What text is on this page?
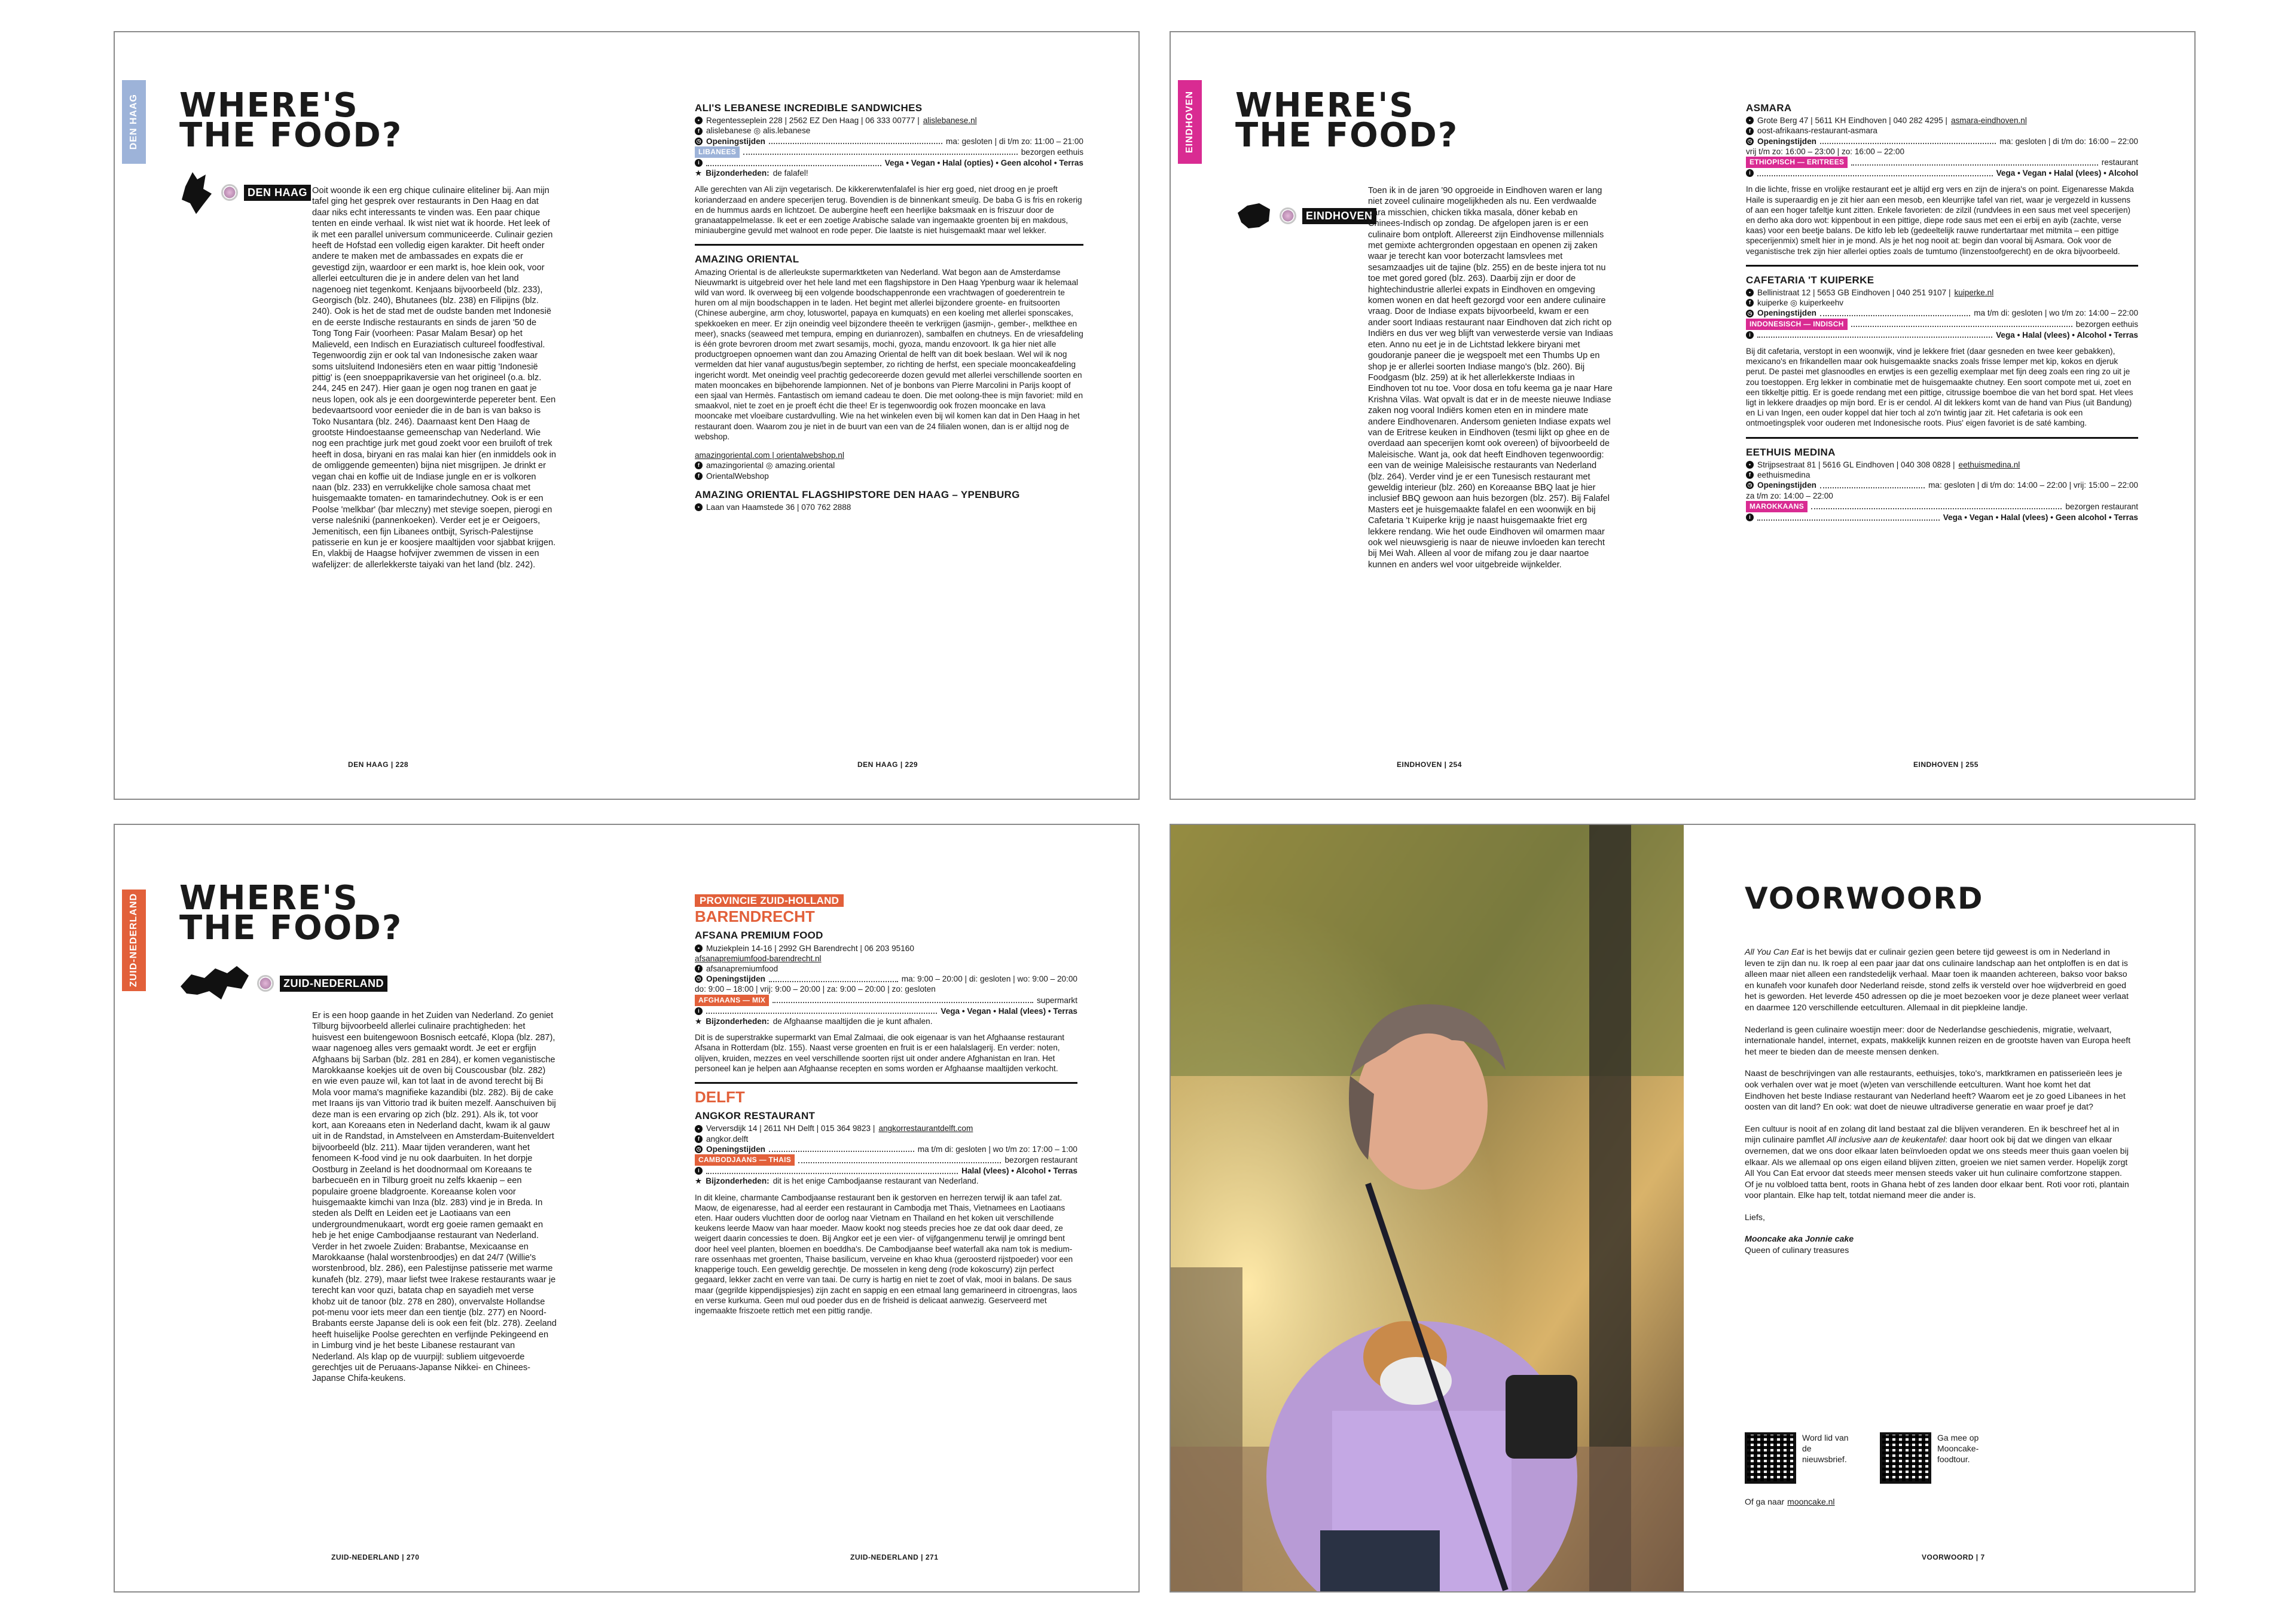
DEN HAAG WHERE'S
THE FOOD?
DEN HAAG Ooit woonde ik een erg chique culinaire eliteliner bij. Aan mijn tafel ging het gesprek over restaurants in Den Haag en dat daar niks echt interessants te vinden was. Een paar chique tenten en einde verhaal. Ik wist niet wat ik hoorde. Het leek of ik met een parallel universum communiceerde. Culinair gezien heeft de Hofstad een volledig eigen karakter. Dit heeft onder andere te maken met de ambassades en expats die er gevestigd zijn, waardoor er een markt is, hoe klein ook, voor allerlei eetculturen die je in andere delen van het land nagenoeg niet tegenkomt. Kenjaans bijvoorbeeld (blz. 233), Georgisch (blz. 240), Bhutanees (blz. 238) en Filipijns (blz. 240). Ook is het de stad met de oudste banden met Indonesië en de eerste Indische restaurants en sinds de jaren '50 de Tong Tong Fair (voorheen: Pasar Malam Besar) op het Malieveld, een Indisch en Euraziatisch cultureel foodfestival. Tegenwoordig zijn er ook tal van Indonesische zaken waar soms uitsluitend Indonesiërs eten en waar pittig 'Indonesië pittig' is (een snoeppaprikaversie van het origineel (o.a. blz. 244, 245 en 247). Hier gaan je ogen nog tranen en gaat je neus lopen, ook als je een doorgewinterde pepereter bent. Een bedevaartsoord voor eenieder die in de ban is van bakso is Toko Nusantara (blz. 246). Daarnaast kent Den Haag de grootste Hindoestaanse gemeenschap van Nederland. Wie nog een prachtige jurk met goud zoekt voor een bruiloft of trek heeft in dosa, biryani en ras malai kan hier (en inmiddels ook in de omliggende gemeenten) bijna niet misgrijpen. Je drinkt er vegan chai en koffie uit de Indiase jungle en er is volkoren naan (blz. 233) en verrukkelijke chole samosa chaat met huisgemaakte tomaten- en tamarindechutney. Ook is er een Poolse 'melkbar' (bar mleczny) met stevige soepen, pierogi en verse naleśniki (pannenkoeken). Verder eet je er Oeigoers, Jemenitisch, een fijn Libanees ontbijt, Syrisch-Palestijnse patisserie en kun je er koosjere maaltijden voor sjabbat krijgen. En, vlakbij de Haagse hofvijver zwemmen de vissen in een wafelijzer: de allerlekkerste taiyaki van het land (blz. 242).
DEN HAAG | 228
ALI'S LEBANESE INCREDIBLE SANDWICHES
• Regentesseplein 228 | 2562 EZ Den Haag | 06 333 00777 | alislebanese.nl
f alislebanese ◎ alis.lebanese
◷ Openingstijden	ma: gesloten | di t/m zo: 11:00 – 21:00
LIBANEES	bezorgen eethuis
i	Vega • Vegan • Halal (opties) • Geen alcohol • Terras
★ Bijzonderheden: de falafel!
Alle gerechten van Ali zijn vegetarisch. De kikkererwtenfalafel is hier erg goed, niet droog en je proeft korianderzaad en andere specerijen terug. Bovendien is de binnenkant smeuïg. De baba G is fris en rokerig en de hummus aards en lichtzoet. De aubergine heeft een heerlijke baksmaak en is friszuur door de granaatappelmelasse. Ik eet er een zoetige Arabische salade van ingemaakte groenten bij en makdous, miniaubergine gevuld met walnoot en rode peper. Die laatste is niet huisgemaakt maar wel lekker.
AMAZING ORIENTAL
Amazing Oriental is de allerleukste supermarktketen van Nederland. Wat begon aan de Amsterdamse Nieuwmarkt is uitgebreid over het hele land met een flagshipstore in Den Haag Ypenburg waar ik helemaal wild van word. Ik overweeg bij een volgende boodschappenronde een vrachtwagen of goederentrein te huren om al mijn boodschappen in te laden. Het begint met allerlei bijzondere groente- en fruitsoorten (Chinese aubergine, arm choy, lotuswortel, papaya en kumquats) en een koeling met allerlei sponscakes, spekkoeken en meer. Er zijn oneindig veel bijzondere theeën te verkrijgen (jasmijn-, gember-, melkthee en meer), snacks (seaweed met tempura, emping en durianrozen), sambalfen en chutneys. En de vriesafdeling is één grote bevroren droom met zwart sesamijs, mochi, gyoza, mandu enzovoort. Ik ga hier niet alle productgroepen opnoemen want dan zou Amazing Oriental de helft van dit boek beslaan. Wel wil ik nog vermelden dat hier vanaf augustus/begin september, zo richting de herfst, een speciale mooncakeafdeling ingericht wordt. Met oneindig veel prachtig gedecoreerde dozen gevuld met allerlei verschillende soorten en maten mooncakes en bijbehorende lampionnen. Net of je bonbons van Pierre Marcolini in Parijs koopt of een sjaal van Hermès. Fantastisch om iemand cadeau te doen. Die met oolong-thee is mijn favoriet: mild en smaakvol, niet te zoet en je proeft écht die thee! Er is tegenwoordig ook frozen mooncake en lava mooncake met vloeibare custardvulling. Wie na het winkelen even bij wil komen kan dat in Den Haag in het restaurant doen. Waarom zou je niet in de buurt van een van de 24 filialen wonen, dan is er altijd nog de webshop.
amazingoriental.com | orientalwebshop.nl
f amazingoriental ◎ amazing.oriental
f OrientalWebshop
AMAZING ORIENTAL FLAGSHIPSTORE DEN HAAG – YPENBURG
• Laan van Haamstede 36 | 070 762 2888
DEN HAAG | 229
EINDHOVEN WHERE'S
THE FOOD?
EINDHOVEN
Toen ik in de jaren '90 opgroeide in Eindhoven waren er lang niet zoveel culinaire mogelijkheden als nu. Een verdwaalde bara misschien, chicken tikka masala, döner kebab en Chinees-Indisch op zondag. De afgelopen jaren is er een culinaire bom ontploft. Allereerst zijn Eindhovense millennials met gemixte achtergronden opgestaan en openen zij zaken waar je terecht kan voor boterzacht lamsvlees met sesamzaadjes uit de tajine (blz. 255) en de beste injera tot nu toe met gored gored (blz. 263). Daarbij zijn er door de hightechindustrie allerlei expats in Eindhoven en omgeving komen wonen en dat heeft gezorgd voor een andere culinaire vraag. Door de Indiase expats bijvoorbeeld, kwam er een ander soort Indiaas restaurant naar Eindhoven dat zich richt op Indiërs en dus ver weg blijft van verwesterde versie van Indiaas eten. Anno nu eet je in de Lichtstad lekkere biryani met goudoranje paneer die je wegspoelt met een Thumbs Up en shop je er allerlei soorten Indiase mango's (blz. 260). Bij Foodgasm (blz. 259) at ik het allerlekkerste Indiaas in Eindhoven tot nu toe. Voor dosa en tofu keema ga je naar Hare Krishna Vilas. Wat opvalt is dat er in de meeste nieuwe Indiase zaken nog vooral Indiërs komen eten en in mindere mate andere Eindhovenaren. Andersom genieten Indiase expats wel van de Eritrese keuken in Eindhoven (tesmi lijkt op ghee en de overdaad aan specerijen komt ook overeen) of bijvoorbeeld de Maleisische. Want ja, ook dat heeft Eindhoven tegenwoordig: een van de weinige Maleisische restaurants van Nederland (blz. 264). Verder vind je er een Tunesisch restaurant met geweldig interieur (blz. 260) en Koreaanse BBQ laat je hier inclusief BBQ gewoon aan huis bezorgen (blz. 257). Bij Falafel Masters eet je huisgemaakte falafel en een woonwijk en bij Cafetaria 't Kuiperke krijg je naast huisgemaakte friet erg lekkere rendang. Wie het oude Eindhoven wil omarmen maar ook wel nieuwsgierig is naar de nieuwe invloeden kan terecht bij Mei Wah. Alleen al voor de mifang zou je daar naartoe kunnen en anders wel voor uitgebreide wijnkelder.
EINDHOVEN | 254
ASMARA
• Grote Berg 47 | 5611 KH Eindhoven | 040 282 4295 | asmara-eindhoven.nl
f oost-afrikaans-restaurant-asmara
◷ Openingstijden	ma: gesloten | di t/m do: 16:00 – 22:00
vrij t/m zo: 16:00 – 23:00 | zo: 16:00 – 22:00
ETHIOPISCH — ERITREES	restaurant
i	Vega • Vegan • Halal (vlees) • Alcohol
In die lichte, frisse en vrolijke restaurant eet je altijd erg vers en zijn de injera's on point. Eigenaresse Makda Haile is superaardig en je zit hier aan een mesob, een kleurrijke tafel van riet, waar je vergezeld in kussens of aan een hoger tafeltje kunt zitten. Enkele favorieten: de zilzil (rundvlees in een saus met veel specerijen) en derho aka doro wot: kippenbout in een pittige, diepe rode saus met een ei erbij en ayib (zachte, verse kaas) voor een beetje balans. De kitfo leb leb (gedeeltelijk rauwe rundertartaar met mitmita – een pittige specerijenmix) smelt hier in je mond. Als je het nog nooit at: begin dan vooral bij Asmara. Ook voor de veganistische trek zijn hier allerlei opties zoals de tumtumo (linzenstoofgerecht) en de okra bijvoorbeeld.
CAFETARIA 'T KUIPERKE
• Bellinistraat 12 | 5653 GB Eindhoven | 040 251 9107 | kuiperke.nl
f kuiperke ◎ kuiperkeehv
◷ Openingstijden	ma t/m di: gesloten | wo t/m zo: 14:00 – 22:00
INDONESISCH — INDISCH	bezorgen eethuis
i	Vega • Halal (vlees) • Alcohol • Terras
Bij dit cafetaria, verstopt in een woonwijk, vind je lekkere friet (daar gesneden en twee keer gebakken), mexicano's en frikandellen maar ook huisgemaakte snacks zoals frisse lemper met kip, kokos en djeruk perut. De pastei met glasnoodles en erwtjes is een gezellig exemplaar met fijn deeg zoals een ring zo uit je zou toestoppen. Erg lekker in combinatie met de huisgemaakte chutney. Een soort compote met ui, zoet en een tikkeltje pittig. Er is goede rendang met een pittige, citrussige boemboe die van het bord spat. Het vlees ligt in lekkere draadjes op mijn bord. Er is er cendol. Al dit lekkers komt van de hand van Pius (uit Bandung) en Li van Ingen, een ouder koppel dat hier toch al zo'n twintig jaar zit. Het cafetaria is ook een ontmoetingsplek voor ouderen met Indonesische roots. Pius' eigen favoriet is de saté kambing.
EETHUIS MEDINA
• Strijpsestraat 81 | 5616 GL Eindhoven | 040 308 0828 | eethuismedina.nl
f eethuismedina
◷ Openingstijden	ma: gesloten | di t/m do: 14:00 – 22:00 | vrij: 15:00 – 22:00
za t/m zo: 14:00 – 22:00
MAROKKAANS	bezorgen restaurant
i	Vega • Vegan • Halal (vlees) • Geen alcohol • Terras
EINDHOVEN | 255
ZUID-NEDERLAND WHERE'S
THE FOOD?
ZUID-NEDERLAND
Er is een hoop gaande in het Zuiden van Nederland. Zo geniet Tilburg bijvoorbeeld allerlei culinaire prachtigheden: het huisvest een buitengewoon Bosnisch eetcafé, Klopa (blz. 287), waar nagenoeg alles vers gemaakt wordt. Je eet er ergfijn Afghaans bij Sarban (blz. 281 en 284), er komen veganistische Marokkaanse koekjes uit de oven bij Couscousbar (blz. 282) en wie even pauze wil, kan tot laat in de avond terecht bij Bi Mola voor mama's magnifieke kazandibi (blz. 282). Bij de cake met Iraans ijs van Vittorio trad ik buiten mezelf. Aanschuiven bij deze man is een ervaring op zich (blz. 291). Als ik, tot voor kort, aan Koreaans eten in Nederland dacht, kwam ik al gauw uit in de Randstad, in Amstelveen en Amsterdam-Buitenveldert bijvoorbeeld (blz. 211). Maar tijden veranderen, want het fenomeen K-food vind je nu ook daarbuiten. In het dorpje Oostburg in Zeeland is het doodnormaal om Koreaans te barbecueën en in Tilburg groeit nu zelfs kkaenip – een populaire groene bladgroente. Koreaanse kolen voor huisgemaakte kimchi van Inza (blz. 283) vind je in Breda. In steden als Delft en Leiden eet je Laotiaans van een undergroundmenukaart, wordt erg goeie ramen gemaakt en heb je het enige Cambodjaanse restaurant van Nederland. Verder in het zwoele Zuiden: Brabantse, Mexicaanse en Marokkaanse (halal worstenbroodjes) en dat 24/7 (Willie's worstenbrood, blz. 286), een Palestijnse patisserie met warme kunafeh (blz. 279), maar liefst twee Irakese restaurants waar je terecht kan voor quzi, batata chap en sayadieh met verse khobz uit de tanoor (blz. 278 en 280), onvervalste Hollandse pot-menu voor iets meer dan een tientje (blz. 277) en Noord-Brabants eerste Japanse deli is ook een feit (blz. 278). Zeeland heeft huiselijke Poolse gerechten en verfijnde Pekingeend en in Limburg vind je het beste Libanese restaurant van Nederland. Als klap op de vuurpijl: subliem uitgevoerde gerechtjes uit de Peruaans-Japanse Nikkei- en Chinees-Japanse Chifa-keukens.
ZUID-NEDERLAND | 270
PROVINCIE ZUID-HOLLAND
BARENDRECHT
AFSANA PREMIUM FOOD
• Muziekplein 14-16 | 2992 GH Barendrecht | 06 203 95160
afsanapremiumfood-barendrecht.nl
f afsanapremiumfood
◷ Openingstijden	ma: 9:00 – 20:00 | di: gesloten | wo: 9:00 – 20:00
do: 9:00 – 18:00 | vrij: 9:00 – 20:00 | za: 9:00 – 20:00 | zo: gesloten
AFGHAANS — MIX	supermarkt
i	Vega • Vegan • Halal (vlees) • Terras
★ Bijzonderheden: de Afghaanse maaltijden die je kunt afhalen.
Dit is de superstrakke supermarkt van Emal Zalmaai, die ook eigenaar is van het Afghaanse restaurant Afsana in Rotterdam (blz. 155). Naast verse groenten en fruit is er een halalslagerij. En verder: noten, olijven, kruiden, mezzes en veel verschillende soorten rijst uit onder andere Afghanistan en Iran. Het personeel kan je helpen aan Afghaanse recepten en soms worden er Afghaanse maaltijden verkocht.
DELFT
ANGKOR RESTAURANT
• Verversdijk 14 | 2611 NH Delft | 015 364 9823 | angkorrestaurantdelft.com
f angkor.delft
◷ Openingstijden	ma t/m di: gesloten | wo t/m zo: 17:00 – 1:00
CAMBODJAANS — THAIS	bezorgen restaurant
i	Halal (vlees) • Alcohol • Terras
★ Bijzonderheden: dit is het enige Cambodjaanse restaurant van Nederland.
In dit kleine, charmante Cambodjaanse restaurant ben ik gestorven en herrezen terwijl ik aan tafel zat. Maow, de eigenaresse, had al eerder een restaurant in Cambodja met Thais, Vietnamees en Laotiaans eten. Haar ouders vluchtten door de oorlog naar Vietnam en Thailand en het koken uit verschillende keukens leerde Maow van haar moeder. Maow kookt nog steeds precies hoe ze dat ook daar deed, ze weigert daarin concessies te doen. Bij Angkor eet je een vier- of vijfgangenmenu terwijl je omringd bent door heel veel planten, bloemen en boeddha's. De Cambodjaanse beef waterfall aka nam tok is medium-rare ossenhaas met groenten, Thaise basilicum, verveine en khao khua (geroosterd rijstpoeder) voor een knapperige touch. Een geweldig gerechtje. De mosselen in keng deng (rode kokoscurry) zijn perfect gegaard, lekker zacht en verre van taai. De curry is hartig en niet te zoet of vlak, mooi in balans. De saus maar (gegrilde kippendijspiesjes) zijn zacht en sappig en een etmaal lang gemarineerd in citroengras, laos en verse kurkuma. Geen mul oud poeder dus en de frisheid is delicaat aanwezig. Geserveerd met ingemaakte friszoete rettich met een pittig randje.
ZUID-NEDERLAND | 271
VOORWOORD

All You Can Eat is het bewijs dat er culinair gezien geen betere tijd geweest is om in Nederland in leven te zijn dan nu. Ik roep al een paar jaar dat ons culinaire landschap aan het ontploffen is en dat is alleen maar niet alleen een randstedelijk verhaal. Maar toen ik maanden achtereen, bakso voor bakso en kunafeh voor kunafeh door Nederland reisde, stond zelfs ik versteld over hoe wijdverbreid en goed het is geworden. Het leverde 450 adressen op die je moet bezoeken voor je deze planeet weer verlaat en daarmee 120 verschillende eetculturen. Allemaal in dit piepkleine landje.

Nederland is geen culinaire woestijn meer: door de Nederlandse geschiedenis, migratie, welvaart, internationale handel, internet, expats, makkelijk kunnen reizen en de grootste haven van Europa heeft het meer te bieden dan de meeste mensen denken.

Naast de beschrijvingen van alle restaurants, eethuisjes, toko's, marktkramen en patisserieën lees je ook verhalen over wat je moet (w)eten van verschillende eetculturen. Want hoe komt het dat Eindhoven het beste Indiase restaurant van Nederland heeft? Waarom eet je zo goed Libanees in het oosten van dit land? En ook: wat doet de nieuwe ultradiverse generatie en waar proef je dat?

Een cultuur is nooit af en zolang dit land bestaat zal die blijven veranderen. En ik beschreef het al in mijn culinaire pamflet All inclusive aan de keukentafel: daar hoort ook bij dat we dingen van elkaar overnemen, dat we ons door elkaar laten beïnvloeden opdat we ons steeds meer thuis gaan voelen bij elkaar. Als we allemaal op ons eigen eiland blijven zitten, groeien we niet samen verder. Hopelijk zorgt All You Can Eat ervoor dat steeds meer mensen steeds vaker uit hun culinaire comfortzone stappen. Of je nu volbloed tatta bent, roots in Ghana hebt of zes landen door elkaar bent. Roti voor roti, plantain voor plantain. Elke hap telt, totdat niemand meer die ander is.

Liefs,

Mooncake aka Jonnie cake

Queen of culinary treasures

Word lid van de nieuwsbrief.
Ga mee op Mooncake-foodtour.
Of ga naar mooncake.nl
VOORWOORD | 7
